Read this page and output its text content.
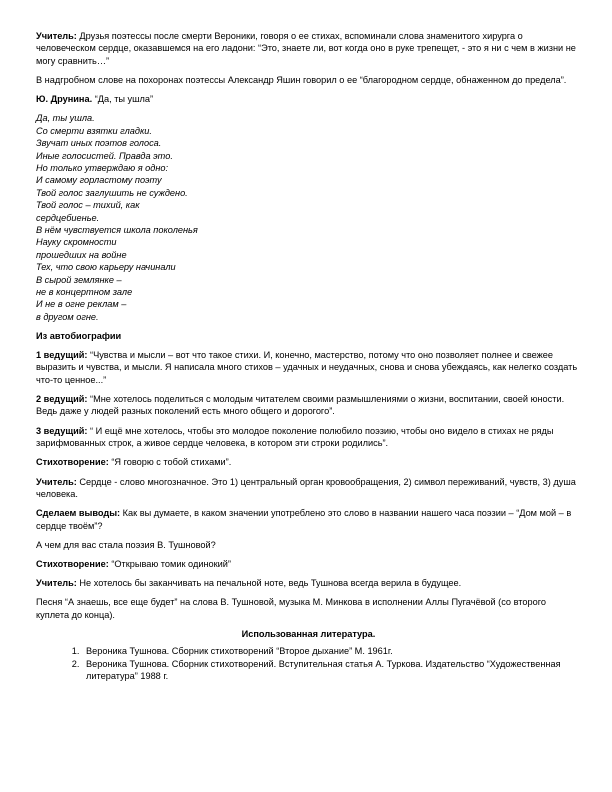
Учитель: Друзья поэтессы после смерти Вероники, говоря о ее стихах, вспоминали слова знаменитого хирурга о человеческом сердце, оказавшемся на его ладони: “Это, знаете ли, вот когда оно в руке трепещет, - это я ни с чем в жизни не могу сравнить…”

В надгробном слове на похоронах поэтессы Александр Яшин говорил о ее “благородном сердце, обнаженном до предела”.

Ю. Друнина. “Да, ты ушла”

Да, ты ушла.
Со смерти взятки гладки.
Звучат иных поэтов голоса.
Иные голосистей. Правда это.
Но только утверждаю я одно:
И самому горластому поэту
Твой голос заглушить не суждено.
Твой голос – тихий, как
сердцебиенье.
В нём чувствуется школа поколенья
Науку скромности
прошедших на войне
Тех, что свою карьеру начинали
В сырой землянке –
не в концертном зале
И не в огне реклам –
в другом огне.

Из автобиографии

1 ведущий: “Чувства и мысли – вот что такое стихи. И, конечно, мастерство, потому что оно позволяет полнее и свежее выразить и чувства, и мысли. Я написала много стихов – удачных и неудачных, снова и снова убеждаясь, как нелегко создать что-то ценное...”

2 ведущий: “Мне хотелось поделиться с молодым читателем своими размышлениями о жизни, воспитании, своей юности. Ведь даже у людей разных поколений есть много общего и дорогого”.

3 ведущий: “ И ещё мне хотелось, чтобы это молодое поколение полюбило поэзию, чтобы оно видело в стихах не ряды зарифмованных строк, а живое сердце человека, в котором эти строки родились”.

Стихотворение: “Я говорю с тобой стихами”.

Учитель: Сердце - слово многозначное. Это 1) центральный орган кровообращения, 2) символ переживаний, чувств, 3) душа человека.

Сделаем выводы: Как вы думаете, в каком значении употреблено это слово в названии нашего часа поэзии – “Дом мой – в сердце твоём”?

А чем для вас стала поэзия В. Тушновой?

Стихотворение: “Открываю томик одинокий”

Учитель: Не хотелось бы заканчивать на печальной ноте, ведь Тушнова всегда верила в будущее.

Песня “А знаешь, все еще будет” на слова В. Тушновой, музыка М. Минкова в исполнении Аллы Пугачёвой (со второго куплета до конца).

Использованная литература.

1. Вероника Тушнова. Сборник стихотворений “Второе дыхание” М. 1961г.
2. Вероника Тушнова. Сборник стихотворений. Вступительная статья А. Туркова. Издательство “Художественная литература” 1988 г.
